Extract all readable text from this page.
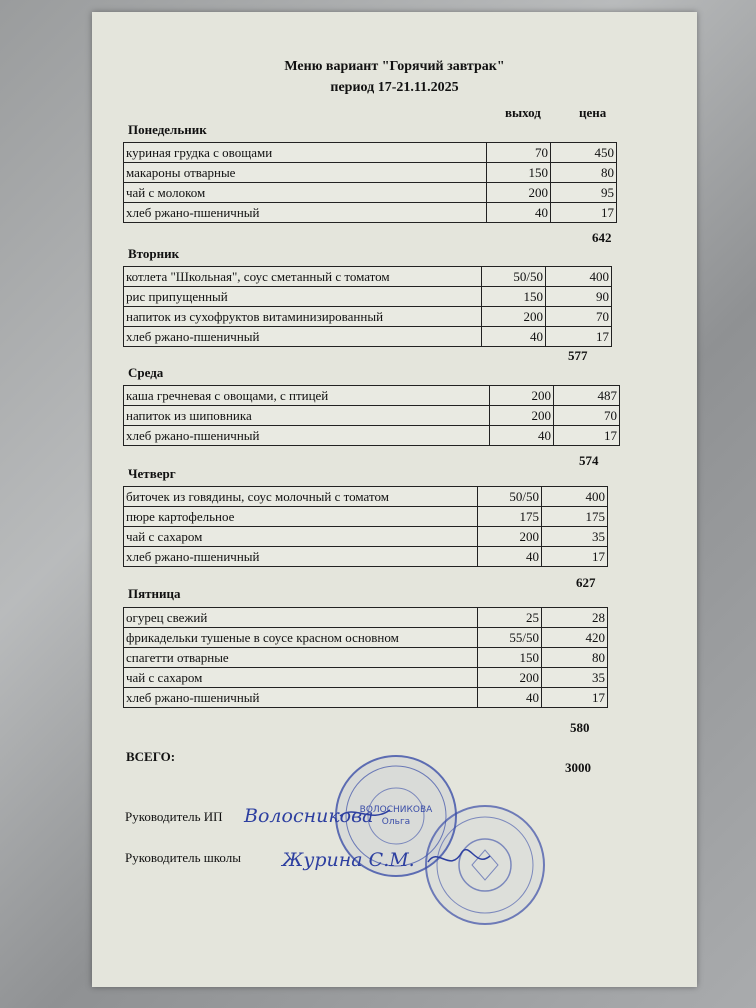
Меню вариант "Горячий завтрак"
период 17-21.11.2025
выход	цена
Понедельник
куриная грудка с овощами	70	450
макароны отварные	150	80
чай с молоком	200	95
хлеб ржано-пшеничный	40	17
642
Вторник
котлета "Школьная", соус сметанный с томатом	50/50	400
рис припущенный	150	90
напиток из сухофруктов витаминизированный	200	70
хлеб ржано-пшеничный	40	17
577
Среда
каша гречневая с овощами, с птицей	200	487
напиток из шиповника	200	70
хлеб ржано-пшеничный	40	17
574
Четверг
биточек из говядины, соус молочный с томатом	50/50	400
пюре картофельное	175	175
чай с сахаром	200	35
хлеб ржано-пшеничный	40	17
627
Пятница
огурец свежий	25	28
фрикадельки тушеные в соусе красном основном	55/50	420
спагетти отварные	150	80
чай с сахаром	200	35
хлеб ржано-пшеничный	40	17
580
ВСЕГО:
3000
Руководитель ИП
Руководитель школы
ВОЛОСНИКОВА
Ольга
Волосникова
Журина С.М.
